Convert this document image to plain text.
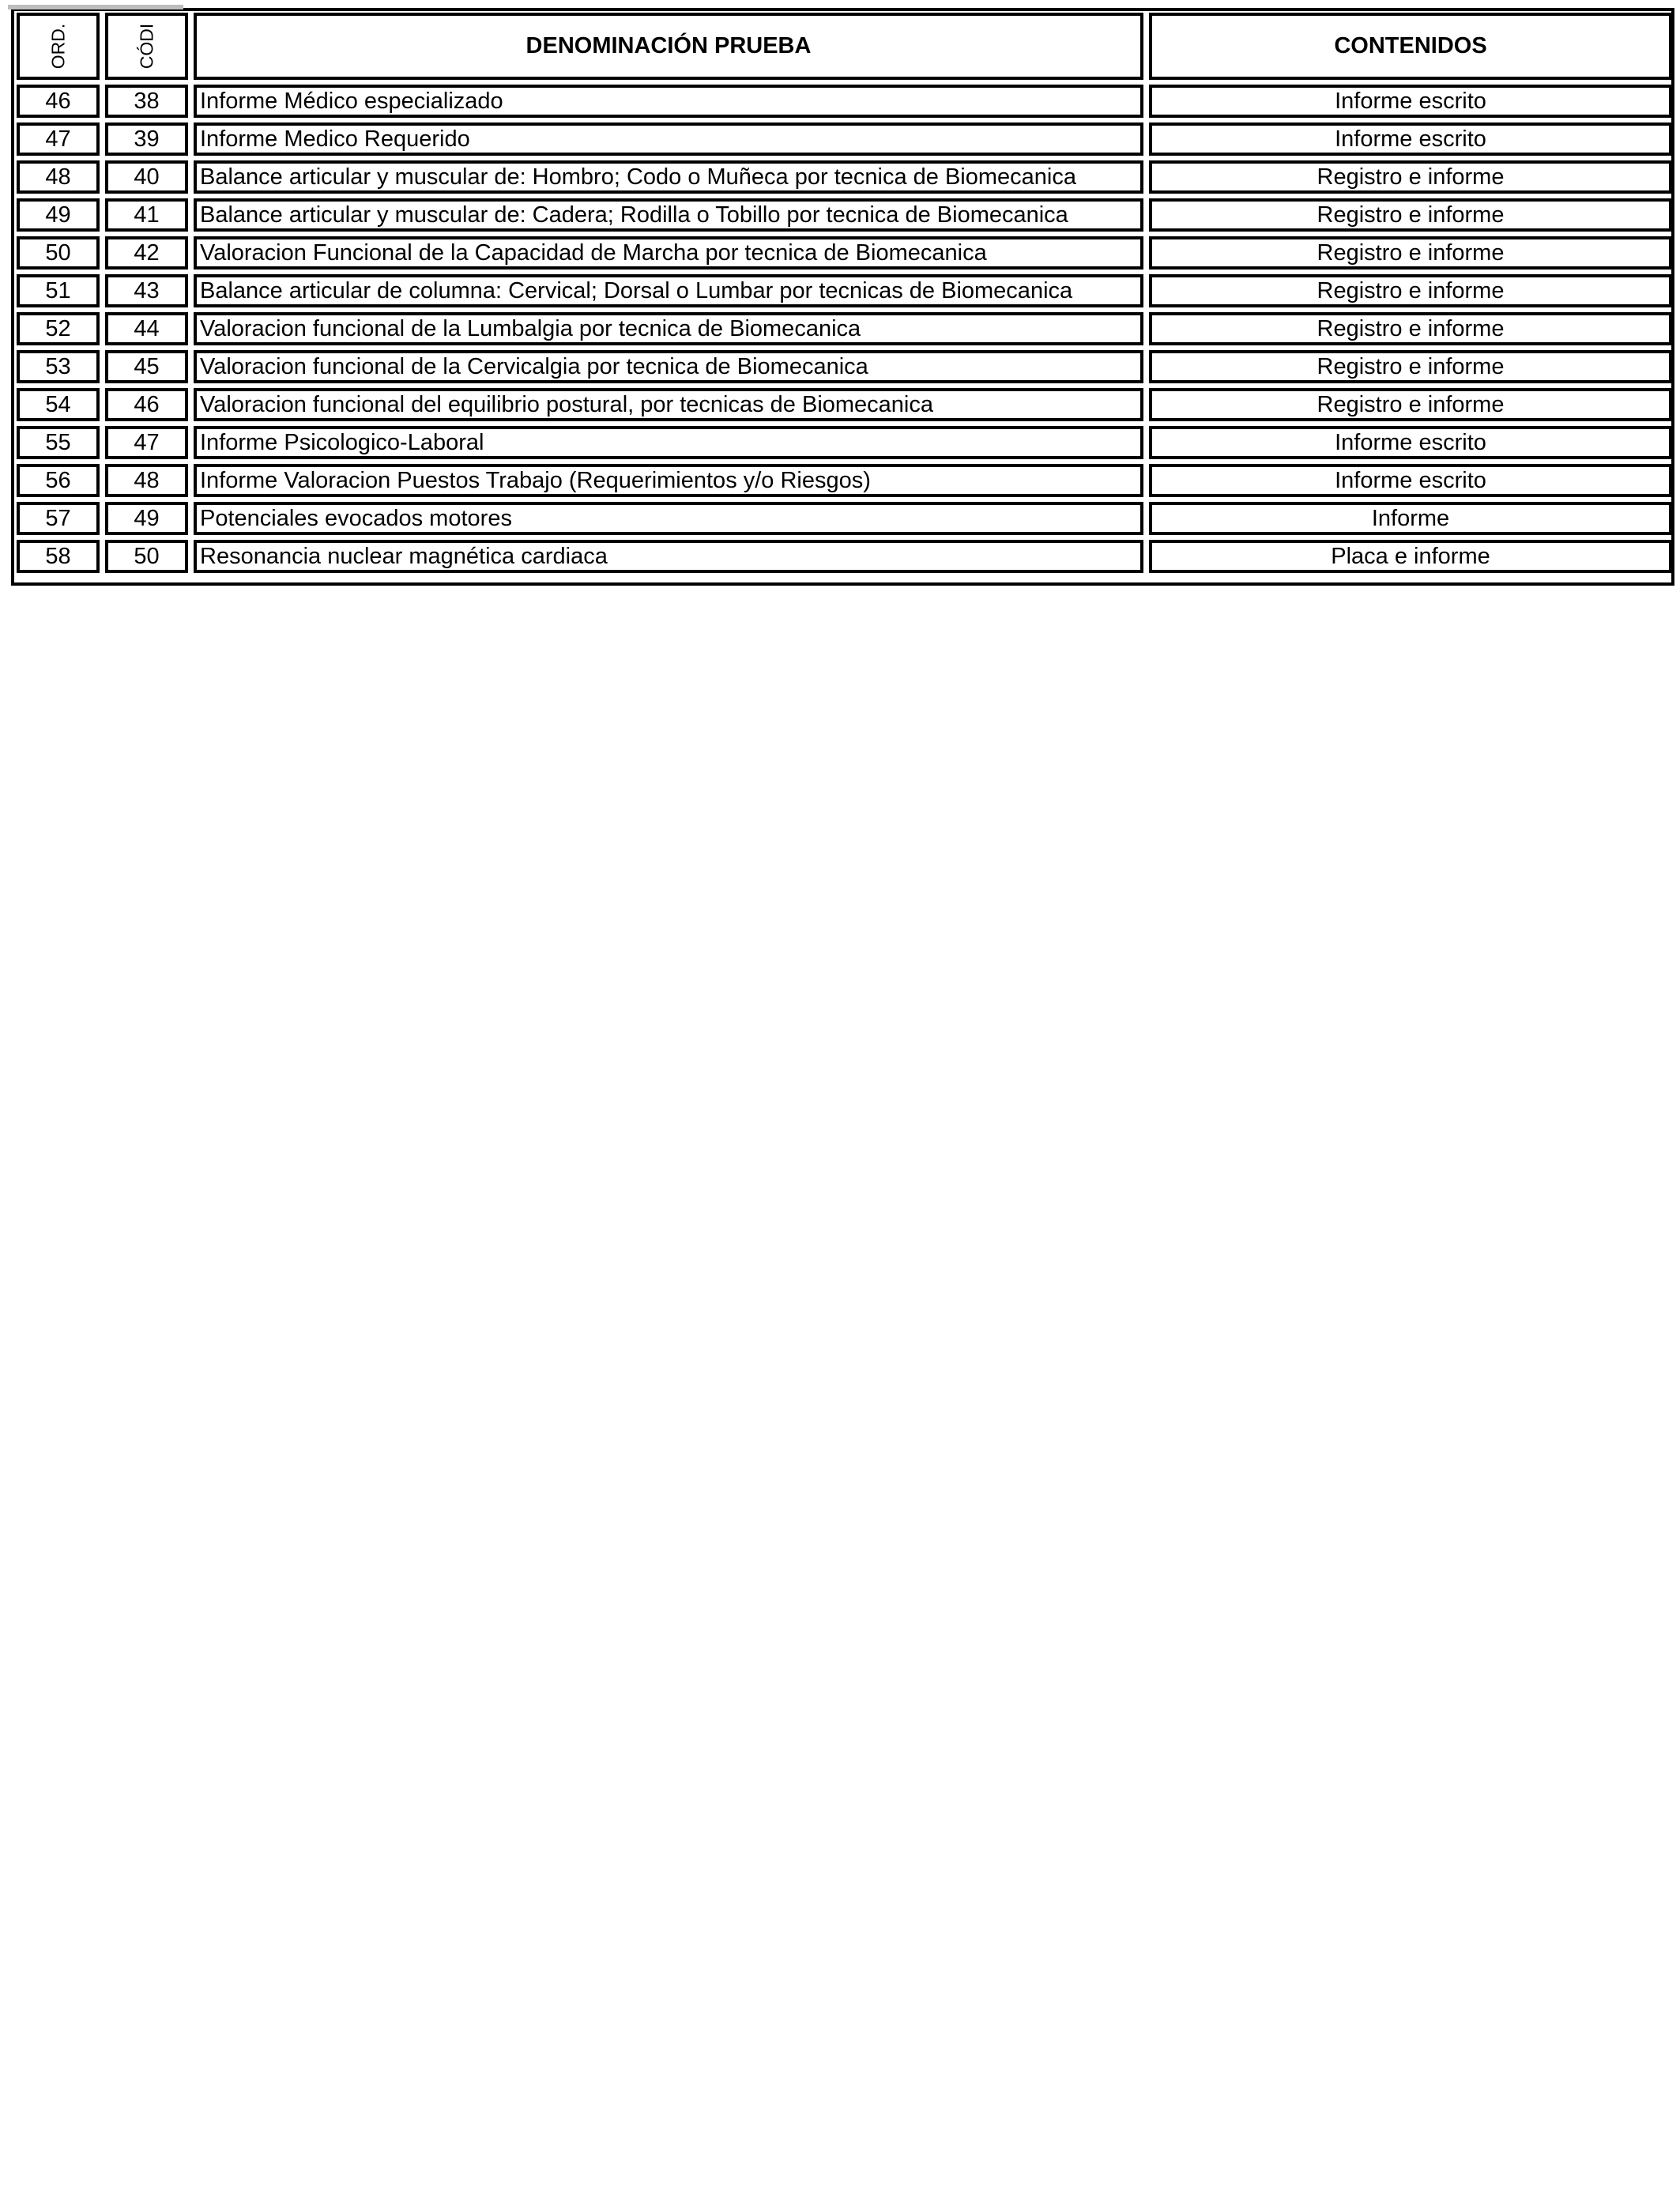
ORD.	CÓDI	DENOMINACIÓN PRUEBA	CONTENIDOS
46	38	Informe Médico especializado	Informe escrito
47	39	Informe Medico Requerido	Informe escrito
48	40	Balance articular y muscular de: Hombro; Codo o Muñeca por tecnica de Biomecanica	Registro e informe
49	41	Balance articular y muscular de: Cadera; Rodilla o Tobillo por tecnica de Biomecanica	Registro e informe
50	42	Valoracion Funcional de la Capacidad de Marcha por tecnica de Biomecanica	Registro e informe
51	43	Balance articular de columna: Cervical; Dorsal o Lumbar por tecnicas de Biomecanica	Registro e informe
52	44	Valoracion funcional de la Lumbalgia por tecnica de Biomecanica	Registro e informe
53	45	Valoracion funcional de la Cervicalgia por tecnica de Biomecanica	Registro e informe
54	46	Valoracion funcional del equilibrio postural, por tecnicas de Biomecanica	Registro e informe
55	47	Informe Psicologico-Laboral	Informe escrito
56	48	Informe Valoracion Puestos Trabajo (Requerimientos y/o Riesgos)	Informe escrito
57	49	Potenciales evocados motores	Informe
58	50	Resonancia nuclear magnética cardiaca	Placa e informe
